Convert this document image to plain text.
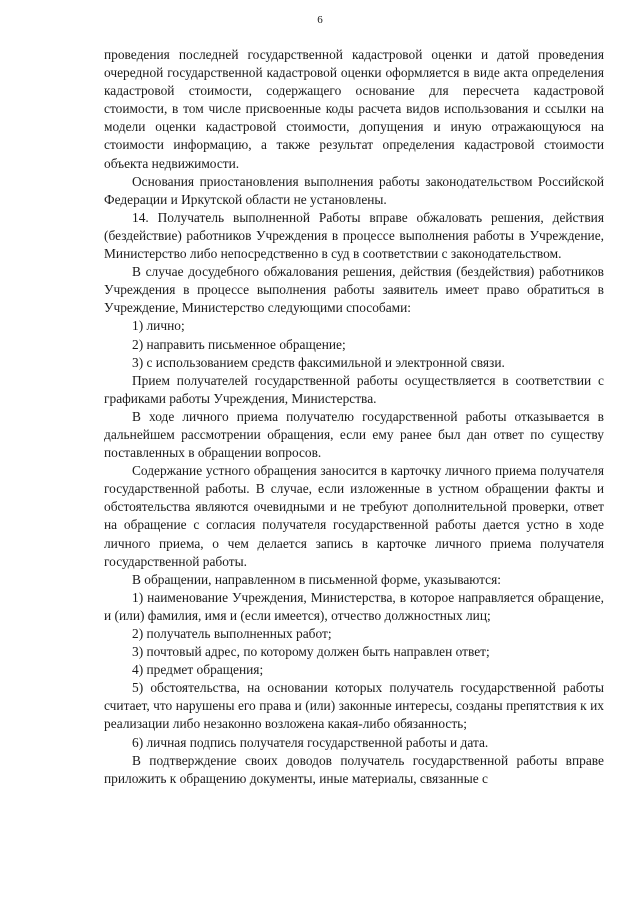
6

проведения последней государственной кадастровой оценки и датой проведения очередной государственной кадастровой оценки оформляется в виде акта определения кадастровой стоимости, содержащего основание для пересчета кадастровой стоимости, в том числе присвоенные коды расчета видов использования и ссылки на модели оценки кадастровой стоимости, допущения и иную отражающуюся на стоимости информацию, а также результат определения кадастровой стоимости объекта недвижимости.

Основания приостановления выполнения работы законодательством Российской Федерации и Иркутской области не установлены.

14. Получатель выполненной Работы вправе обжаловать решения, действия (бездействие) работников Учреждения в процессе выполнения работы в Учреждение, Министерство либо непосредственно в суд в соответствии с законодательством.

В случае досудебного обжалования решения, действия (бездействия) работников Учреждения в процессе выполнения работы заявитель имеет право обратиться в Учреждение, Министерство следующими способами:

1) лично;

2) направить письменное обращение;

3) с использованием средств факсимильной и электронной связи.

Прием получателей государственной работы осуществляется в соответствии с графиками работы Учреждения, Министерства.

В ходе личного приема получателю государственной работы отказывается в дальнейшем рассмотрении обращения, если ему ранее был дан ответ по существу поставленных в обращении вопросов.

Содержание устного обращения заносится в карточку личного приема получателя государственной работы. В случае, если изложенные в устном обращении факты и обстоятельства являются очевидными и не требуют дополнительной проверки, ответ на обращение с согласия получателя государственной работы дается устно в ходе личного приема, о чем делается запись в карточке личного приема получателя государственной работы.

В обращении, направленном в письменной форме, указываются:

1) наименование Учреждения, Министерства, в которое направляется обращение, и (или) фамилия, имя и (если имеется), отчество должностных лиц;

2) получатель выполненных работ;

3) почтовый адрес, по которому должен быть направлен ответ;

4) предмет обращения;

5) обстоятельства, на основании которых получатель государственной работы считает, что нарушены его права и (или) законные интересы, созданы препятствия к их реализации либо незаконно возложена какая-либо обязанность;

6) личная подпись получателя государственной работы и дата.

В подтверждение своих доводов получатель государственной работы вправе приложить к обращению документы, иные материалы, связанные с
